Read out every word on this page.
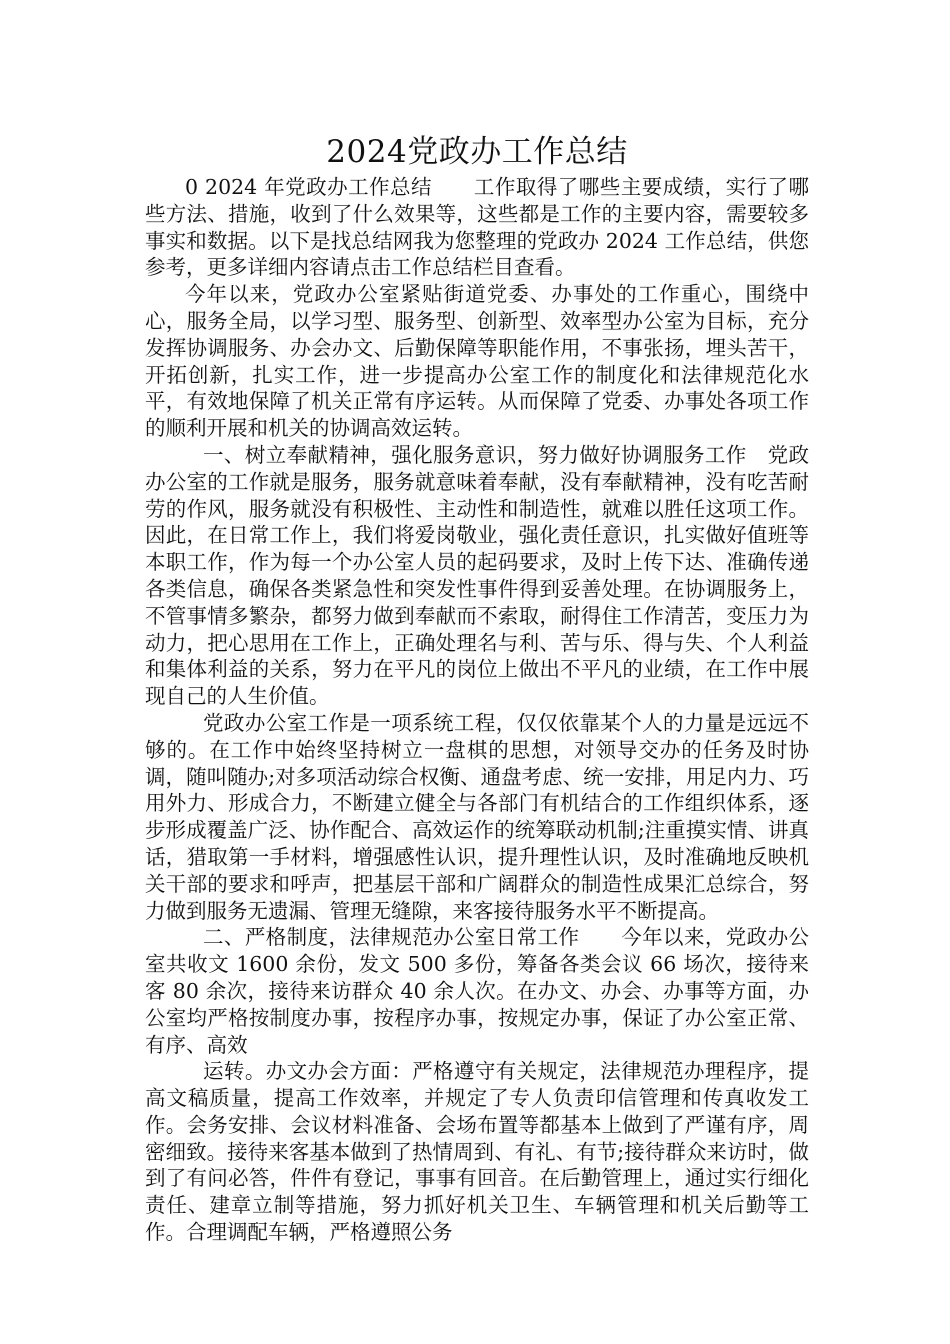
2024党政办工作总结

0 2024 年党政办工作总结　　工作取得了哪些主要成绩，实行了哪些方法、措施，收到了什么效果等，这些都是工作的主要内容，需要较多事实和数据。以下是找总结网我为您整理的党政办 2024 工作总结，供您参考，更多详细内容请点击工作总结栏目查看。

今年以来，党政办公室紧贴街道党委、办事处的工作重心，围绕中心，服务全局，以学习型、服务型、创新型、效率型办公室为目标，充分发挥协调服务、办会办文、后勤保障等职能作用，不事张扬，埋头苦干，开拓创新，扎实工作，进一步提高办公室工作的制度化和法律规范化水平，有效地保障了机关正常有序运转。从而保障了党委、办事处各项工作的顺利开展和机关的协调高效运转。

一、树立奉献精神，强化服务意识，努力做好协调服务工作　党政办公室的工作就是服务，服务就意味着奉献，没有奉献精神，没有吃苦耐劳的作风，服务就没有积极性、主动性和制造性，就难以胜任这项工作。因此，在日常工作上，我们将爱岗敬业，强化责任意识，扎实做好值班等本职工作，作为每一个办公室人员的起码要求，及时上传下达、准确传递各类信息，确保各类紧急性和突发性事件得到妥善处理。在协调服务上，不管事情多繁杂，都努力做到奉献而不索取，耐得住工作清苦，变压力为动力，把心思用在工作上，正确处理名与利、苦与乐、得与失、个人利益和集体利益的关系，努力在平凡的岗位上做出不平凡的业绩，在工作中展现自己的人生价值。

党政办公室工作是一项系统工程，仅仅依靠某个人的力量是远远不够的。在工作中始终坚持树立一盘棋的思想，对领导交办的任务及时协调，随叫随办;对多项活动综合权衡、通盘考虑、统一安排，用足内力、巧用外力、形成合力，不断建立健全与各部门有机结合的工作组织体系，逐步形成覆盖广泛、协作配合、高效运作的统筹联动机制;注重摸实情、讲真话，猎取第一手材料，增强感性认识，提升理性认识，及时准确地反映机关干部的要求和呼声，把基层干部和广阔群众的制造性成果汇总综合，努力做到服务无遗漏、管理无缝隙，来客接待服务水平不断提高。

二、严格制度，法律规范办公室日常工作　　今年以来，党政办公室共收文 1600 余份，发文 500 多份，筹备各类会议 66 场次，接待来客 80 余次，接待来访群众 40 余人次。在办文、办会、办事等方面，办公室均严格按制度办事，按程序办事，按规定办事，保证了办公室正常、有序、高效

运转。办文办会方面：严格遵守有关规定，法律规范办理程序，提高文稿质量，提高工作效率，并规定了专人负责印信管理和传真收发工作。会务安排、会议材料准备、会场布置等都基本上做到了严谨有序，周密细致。接待来客基本做到了热情周到、有礼、有节;接待群众来访时，做到了有问必答，件件有登记，事事有回音。在后勤管理上，通过实行细化责任、建章立制等措施，努力抓好机关卫生、车辆管理和机关后勤等工作。合理调配车辆，严格遵照公务
